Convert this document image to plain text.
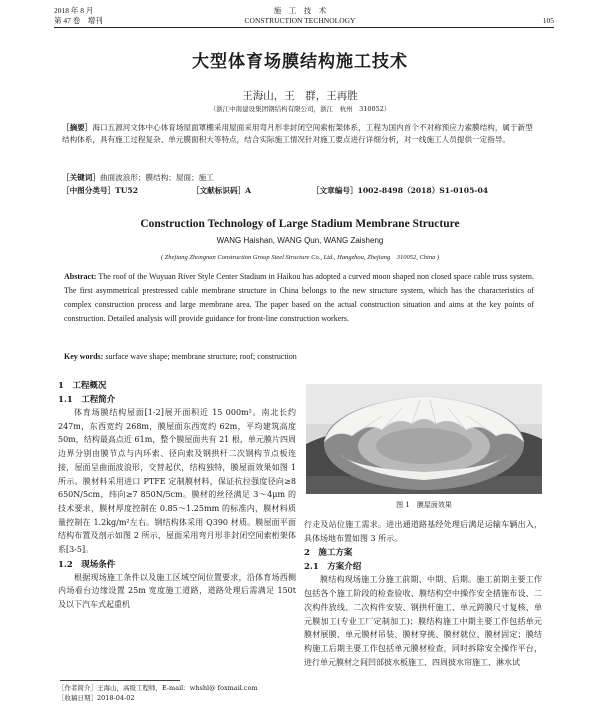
2018 年 8 月
第 47 卷　增刊
施　工　技　术
CONSTRUCTION TECHNOLOGY	105
大型体育场膜结构施工技术
王海山，王　群，王再胜
（浙江中南建设集团钢结构有限公司，浙江　杭州　310052）
［摘要］海口五源河文体中心体育场屋面罩棚采用屋面采用弯月形非封闭空间索桁架体系，工程为国内首个不对称预应力索膜结构，属于新型结构体系，具有施工过程复杂、单元膜面积大等特点，结合实际施工情况针对施工要点进行详细分析，对一线施工人员提供一定指导。
［关键词］曲面波浪形；膜结构；屋面；施工
［中图分类号］TU52	［文献标识码］A	［文章编号］1002-8498（2018）S1-0105-04
Construction Technology of Large Stadium Membrane Structure
WANG Haishan, WANG Qun, WANG Zaisheng
( Zhejiang Zhongnan Construction Group Steel Structure Co., Ltd., Hangzhou, Zhejiang　310052, China )
Abstract: The roof of the Wuyuan River Style Center Stadium in Haikou has adopted a curved moon shaped non closed space cable truss system. The first asymmetrical prestressed cable membrane structure in China belongs to the new structure system, which has the characteristics of complex construction process and large membrane area. The paper based on the actual construction situation and aims at the key points of construction. Detailed analysis will provide guidance for front-line construction workers.
Key words: surface wave shape; membrane structure; roof; construction
1　工程概况
1.1　工程简介
体育场膜结构屋面[1-2]展开面积近 15 000m²。南北长约 247m，东西宽约 268m，膜屋面东西宽约 62m，平均建筑高度 50m，结构最高点近 61m，整个膜屋面共有 21 根，单元膜片四周边界分别由膜节点与内环索、径向索及钢拱杆二次钢构节点板连接，屋面呈曲面波浪形，交替起伏，结构独特，膜屋面效果如图 1 所示。膜材料采用进口 PTFE 定制膜材料，保证抗拉强度径向≥8 650N/5cm，纬向≥7 850N/5cm。膜材的丝径满足 3～4μm 的技术要求，膜材厚度控制在 0.85～1.25mm 的标准内，膜材料质量控制在 1.2kg/m²左右。钢结构体采用 Q390 材质。膜屋面平面结构布置及剖示如图 2 所示，屋面采用弯月形非封闭空间索桁架体系[3-5]。
1.2　现场条件
根据现场施工条件以及施工区域空间位置要求，沿体育场西侧内场看台边缘设置 25m 宽度施工道路，道路处理后需满足 150t 及以下汽车式起重机
图 1　膜屋面效果
行走及站位施工需求。进出通道路基经处理后满足运输车辆出入，具体场地布置如图 3 所示。
2　施工方案
2.1　方案介绍
膜结构现场施工分施工前期、中期、后期。施工前期主要工作包括各个施工阶段的检查验收、膜结构空中操作安全措施布设、二次构件放线、二次构件安装、钢拱杆施工、单元跨膜尺寸复核、单元膜加工(专业工厂定制加工)；膜结构施工中期主要工作包括单元膜材展膜、单元膜材吊装、膜材穿挑、膜材就位、膜材固定；膜结构施工后期主要工作包括单元膜材检查，同时拆除安全操作平台，进行单元膜材之间凹部披水板施工、四周披水帘施工、淋水试
［作者简介］王海山，高级工程师，E-mail：whshl@ foxmail.com
［收稿日期］2018-04-02
